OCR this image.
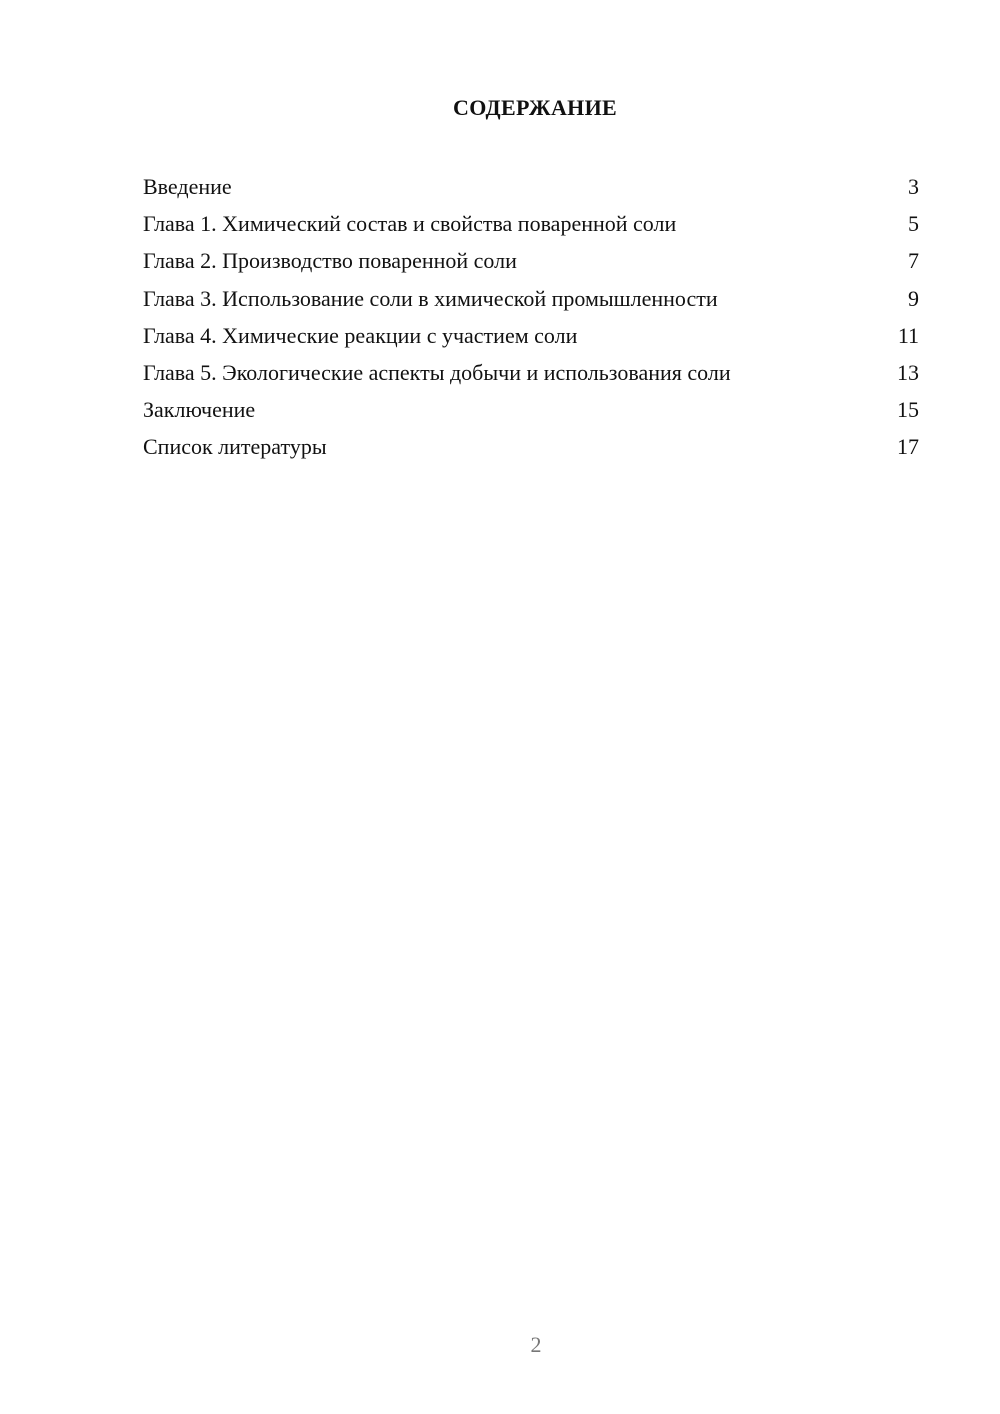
СОДЕРЖАНИЕ
Введение	3
Глава 1. Химический состав и свойства поваренной соли	5
Глава 2. Производство поваренной соли	7
Глава 3. Использование соли в химической промышленности	9
Глава 4. Химические реакции с участием соли	11
Глава 5. Экологические аспекты добычи и использования соли	13
Заключение	15
Список литературы	17
2
